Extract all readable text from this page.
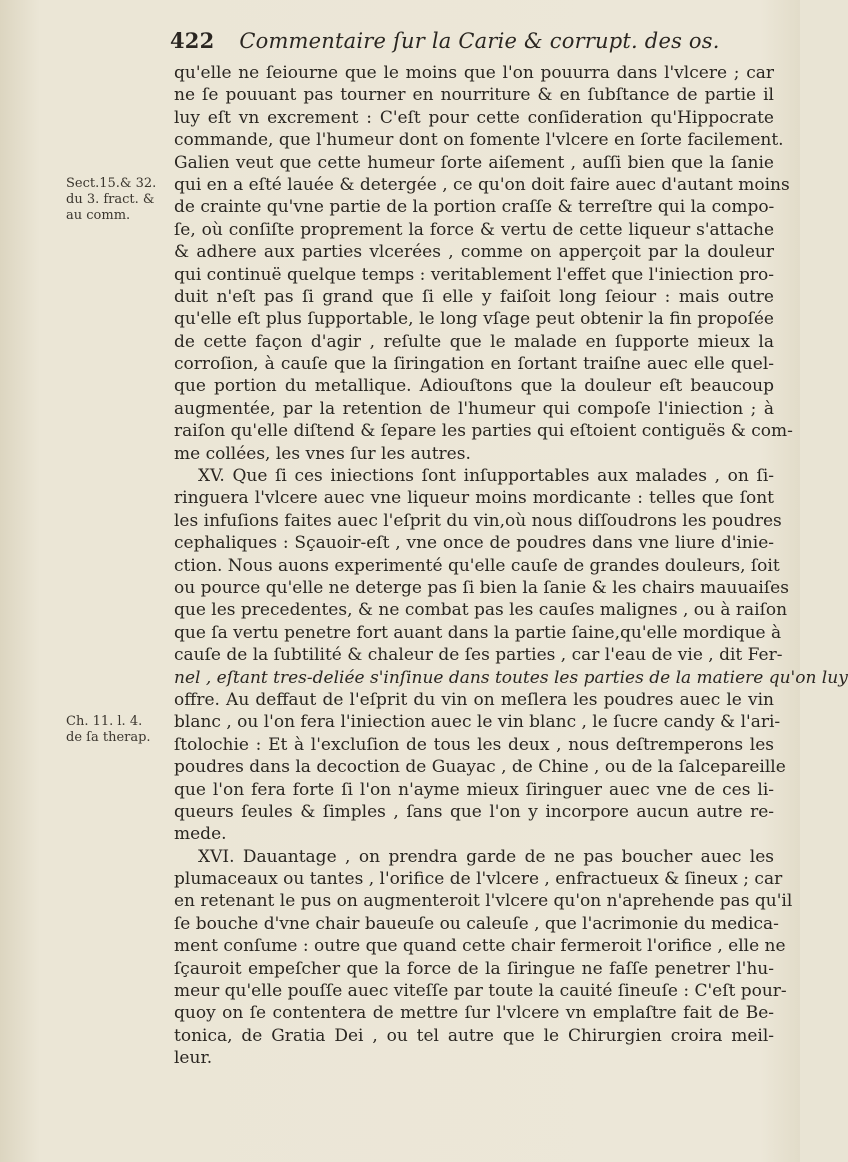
422 Commentaire ſur la Carie & corrupt. des os.
Sect.15.& 32.
du 3. fract. &
au comm.
Ch. 11. l. 4.
de ſa therap.
qu'elle ne ſeiourne que le moins que l'on pouurra dans l'vlcere ; car
ne ſe pouuant pas tourner en nourriture & en ſubſtance de partie il
luy eſt vn excrement : C'eſt pour cette conſideration qu'Hippocrate
commande, que l'humeur dont on fomente l'vlcere en ſorte facilement.
Galien veut que cette humeur ſorte aiſement , auſſi bien que la ſanie
qui en a eſté lauée & detergée , ce qu'on doit faire auec d'autant moins
de crainte qu'vne partie de la portion craſſe & terreſtre qui la compo-
ſe, où conſiſte proprement la force & vertu de cette liqueur s'attache
& adhere aux parties vlcerées , comme on apperçoit par la douleur
qui continuë quelque temps : veritablement l'effet que l'iniection pro-
duit n'eſt pas ſi grand que ſi elle y faiſoit long ſeiour : mais outre
qu'elle eſt plus ſupportable, le long vſage peut obtenir la fin propoſée
de cette façon d'agir , reſulte que le malade en ſupporte mieux la
corroſion, à cauſe que la ſiringation en ſortant traiſne auec elle quel-
que portion du metallique. Adiouſtons que la douleur eſt beaucoup
augmentée, par la retention de l'humeur qui compoſe l'iniection ; à
raiſon qu'elle diſtend & ſepare les parties qui eſtoient contiguës & com-
me collées, les vnes ſur les autres.
XV. Que ſi ces iniections ſont inſupportables aux malades , on ſi-
ringuera l'vlcere auec vne liqueur moins mordicante : telles que ſont
les infuſions faites auec l'eſprit du vin,où nous diſſoudrons les poudres
cephaliques : Sçauoir-eſt , vne once de poudres dans vne liure d'inie-
ction. Nous auons experimenté qu'elle cauſe de grandes douleurs, ſoit
ou pource qu'elle ne deterge pas ſi bien la ſanie & les chairs mauuaiſes
que les precedentes, & ne combat pas les cauſes malignes , ou à raiſon
que ſa vertu penetre fort auant dans la partie ſaine,qu'elle mordique à
cauſe de la ſubtilité & chaleur de ſes parties , car l'eau de vie , dit Fer-
nel , eſtant tres-deliée s'inſinue dans toutes les parties de la matiere qu'on luy
offre. Au deffaut de l'eſprit du vin on meſlera les poudres auec le vin
blanc , ou l'on fera l'iniection auec le vin blanc , le ſucre candy & l'ari-
ſtolochie : Et à l'excluſion de tous les deux , nous deſtremperons les
poudres dans la decoction de Guayac , de Chine , ou de la ſalcepareille
que l'on fera forte ſi l'on n'ayme mieux ſiringuer auec vne de ces li-
queurs ſeules & ſimples , ſans que l'on y incorpore aucun autre re-
mede.
XVI. Dauantage , on prendra garde de ne pas boucher auec les
plumaceaux ou tantes , l'orifice de l'vlcere , enfractueux & ſineux ; car
en retenant le pus on augmenteroit l'vlcere qu'on n'aprehende pas qu'il
ſe bouche d'vne chair baueuſe ou caleuſe , que l'acrimonie du medica-
ment conſume : outre que quand cette chair fermeroit l'orifice , elle ne
ſçauroit empeſcher que la force de la ſiringue ne faſſe penetrer l'hu-
meur qu'elle pouſſe auec viteſſe par toute la cauité ſineuſe : C'eſt pour-
quoy on ſe contentera de mettre ſur l'vlcere vn emplaſtre fait de Be-
tonica, de Gratia Dei , ou tel autre que le Chirurgien croira meil-
leur.
